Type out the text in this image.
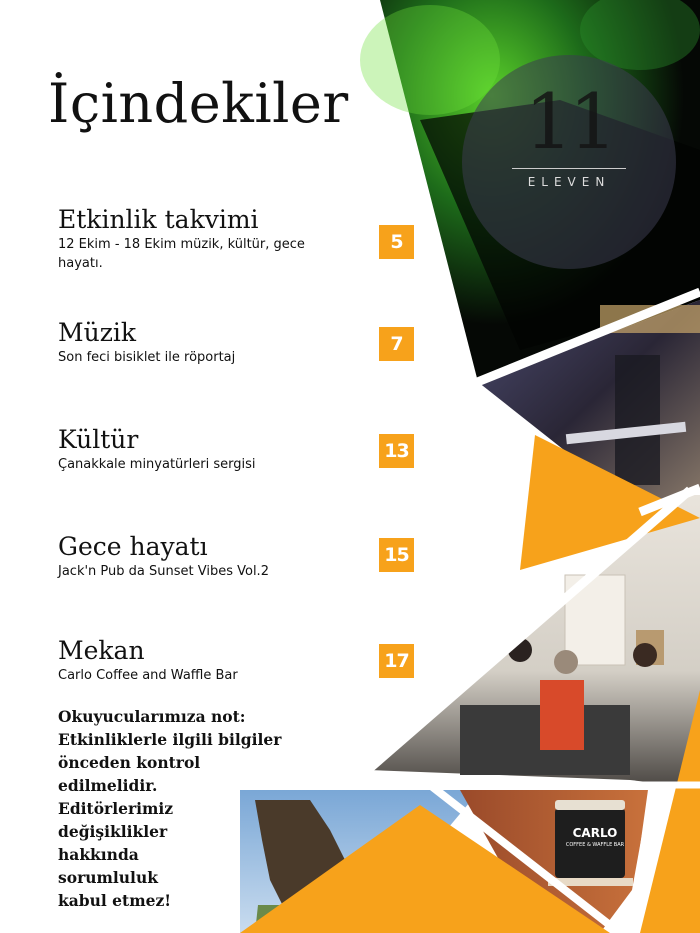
11
ELEVEN
CARLO
COFFEE & WAFFLE BAR
İçindekiler

Etkinlik takvimi

12 Ekim - 18 Ekim müzik, kültür, gece hayatı.

5

Müzik

Son feci bisiklet ile röportaj

7

Kültür

Çanakkale minyatürleri sergisi

13

Gece hayatı

Jack'n Pub da Sunset Vibes Vol.2

15

Mekan

Carlo Coffee and Waffle Bar

17

Okuyucularımıza not:
Etkinliklerle ilgili bilgiler
önceden kontrol
edilmelidir.
Editörlerimiz
değişiklikler
hakkında
sorumluluk
kabul etmez!
